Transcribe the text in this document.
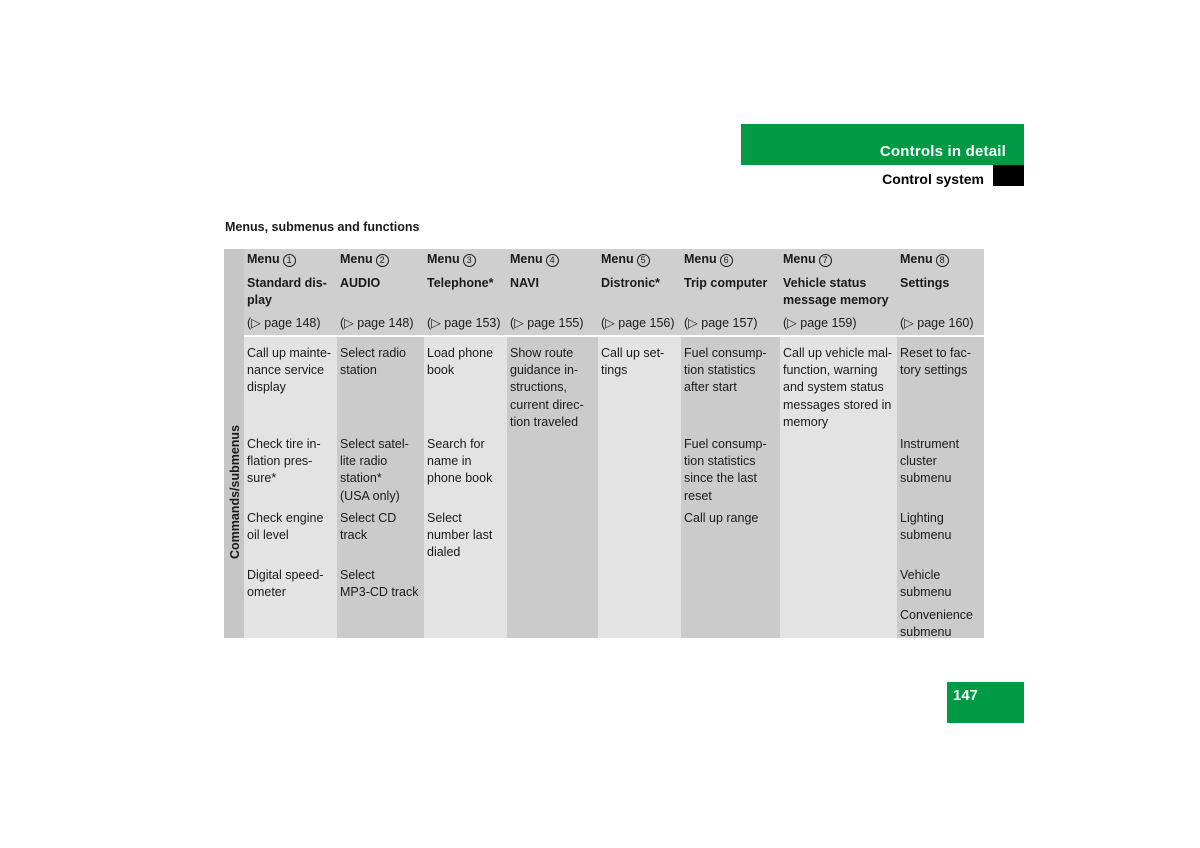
Controls in detail
Control system
Menus, submenus and functions
Commands/submenus
Menu 1
Standard dis-
play
(▷ page 148)
Call up mainte-
nance service
display
Check tire in-
flation pres-
sure*
Check engine
oil level
Digital speed-
ometer
Menu 2
AUDIO
(▷ page 148)
Select radio
station
Select satel-
lite radio
station*
(USA only)
Select CD
track
Select
MP3-CD track
Menu 3
Telephone*
(▷ page 153)
Load phone
book
Search for
name in
phone book
Select
number last
dialed
Menu 4
NAVI
(▷ page 155)
Show route
guidance in-
structions,
current direc-
tion traveled
Menu 5
Distronic*
(▷ page 156)
Call up set-
tings
Menu 6
Trip computer
(▷ page 157)
Fuel consump-
tion statistics
after start
Fuel consump-
tion statistics
since the last
reset
Call up range
Menu 7
Vehicle status
message memory
(▷ page 159)
Call up vehicle mal-
function, warning
and system status
messages stored in
memory
Menu 8
Settings
(▷ page 160)
Reset to fac-
tory settings
Instrument
cluster
submenu
Lighting
submenu
Vehicle
submenu
Convenience
submenu
147
